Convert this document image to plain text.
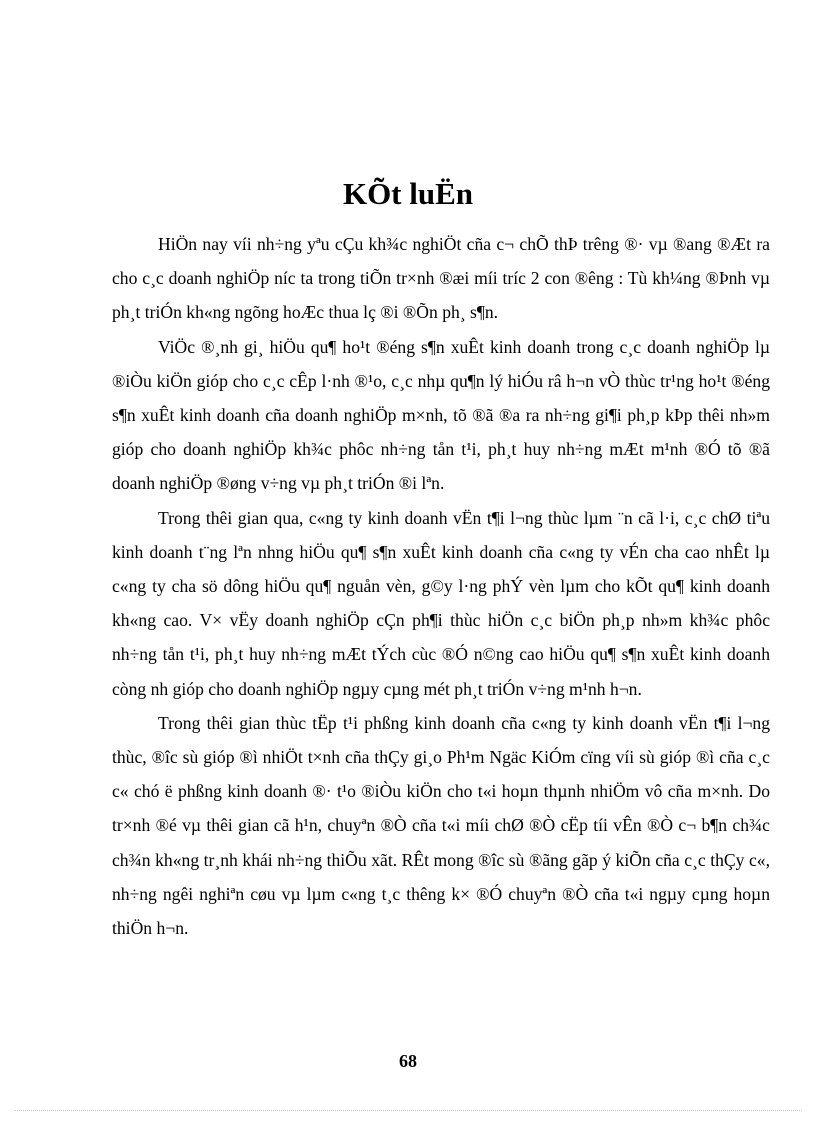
KÕt luËn

HiÖn nay víi nh÷ng yªu cÇu kh¾c nghiÖt cña c¬ chÕ thÞ trêng ®· vµ ®ang ®Æt ra cho c¸c doanh nghiÖp níc ta trong tiÕn tr×nh ®æi míi tríc 2 con ®êng : Tù kh¼ng ®Þnh vµ ph¸t triÓn kh«ng ngõng hoÆc thua lç ®i ®Õn ph¸ s¶n.

ViÖc ®¸nh gi¸ hiÖu qu¶ ho¹t ®éng s¶n xuÊt kinh doanh trong c¸c doanh nghiÖp lµ ®iÒu kiÖn gióp cho c¸c cÊp l·nh ®¹o, c¸c nhµ qu¶n lý hiÓu râ h¬n vÒ thùc tr¹ng ho¹t ®éng s¶n xuÊt kinh doanh cña doanh nghiÖp m×nh, tõ ®ã ®a ra nh÷ng gi¶i ph¸p kÞp thêi nh»m gióp cho doanh nghiÖp kh¾c phôc nh÷ng tån t¹i, ph¸t huy nh÷ng mÆt m¹nh ®Ó tõ ®ã doanh nghiÖp ®øng v÷ng vµ ph¸t triÓn ®i lªn.

Trong thêi gian qua, c«ng ty kinh doanh vËn t¶i l¬ng thùc lµm ¨n cã l·i, c¸c chØ tiªu kinh doanh t¨ng lªn nhng hiÖu qu¶ s¶n xuÊt kinh doanh cña c«ng ty vÉn cha cao nhÊt lµ c«ng ty cha sö dông hiÖu qu¶ nguån vèn, g©y l·ng phÝ vèn lµm cho kÕt qu¶ kinh doanh kh«ng cao. V× vËy doanh nghiÖp cÇn ph¶i thùc hiÖn c¸c biÖn ph¸p nh»m kh¾c phôc nh÷ng tån t¹i, ph¸t huy nh÷ng mÆt tÝch cùc ®Ó n©ng cao hiÖu qu¶ s¶n xuÊt kinh doanh còng nh gióp cho doanh nghiÖp ngµy cµng mét ph¸t triÓn v÷ng m¹nh h¬n.

Trong thêi gian thùc tËp t¹i phßng kinh doanh cña c«ng ty kinh doanh vËn t¶i l¬ng thùc, ®îc sù gióp ®ì nhiÖt t×nh cña thÇy gi¸o Ph¹m Ngäc KiÓm cïng víi sù gióp ®ì cña c¸c c« chó ë phßng kinh doanh ®· t¹o ®iÒu kiÖn cho t«i hoµn thµnh nhiÖm vô cña m×nh. Do tr×nh ®é vµ thêi gian cã h¹n, chuyªn ®Ò cña t«i míi chØ ®Ò cËp tíi vÊn ®Ò c¬ b¶n ch¾c ch¾n kh«ng tr¸nh khái nh÷ng thiÕu xãt. RÊt mong ®îc sù ®ãng gãp ý kiÕn cña c¸c thÇy c«, nh÷ng ngêi nghiªn cøu vµ lµm c«ng t¸c thêng k× ®Ó chuyªn ®Ò cña t«i ngµy cµng hoµn thiÖn h¬n.

68
